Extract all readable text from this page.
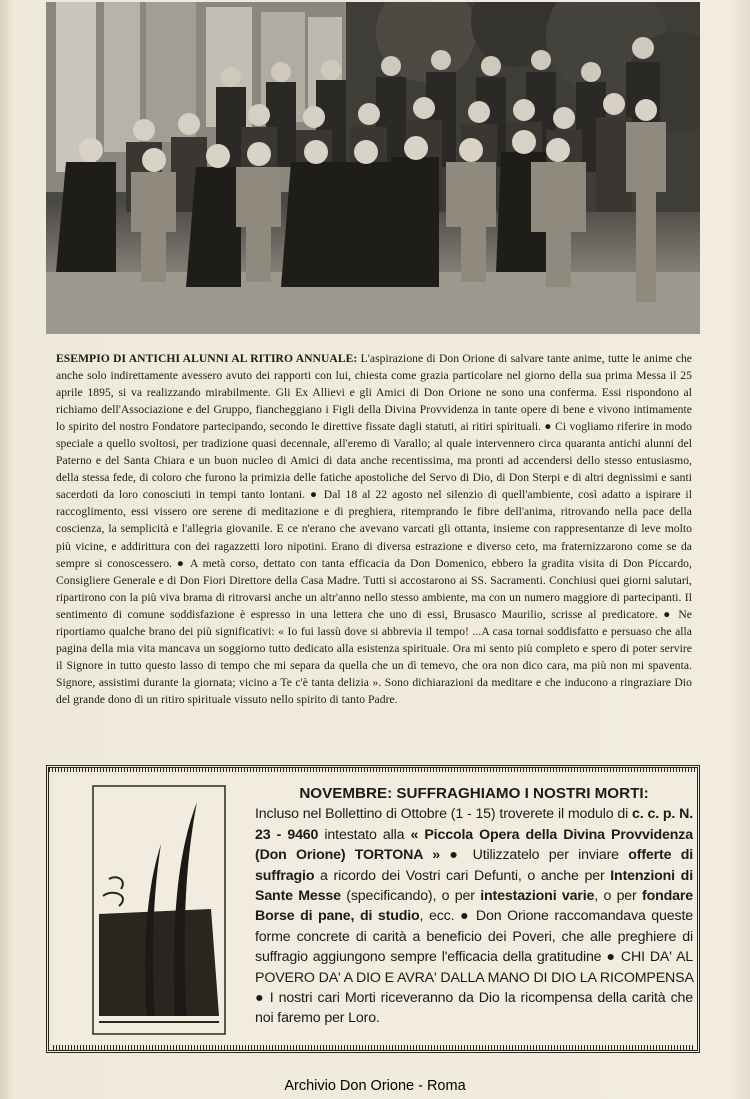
ESEMPIO DI ANTICHI ALUNNI AL RITIRO ANNUALE: L'aspirazione di Don Orione di salvare tante anime, tutte le anime che anche solo indirettamente avessero avuto dei rapporti con lui, chiesta come grazia particolare nel giorno della sua prima Messa il 25 aprile 1895, si va realizzando mirabilmente. Gli Ex Allievi e gli Amici di Don Orione ne sono una conferma. Essi rispondono al richiamo dell'Associazione e del Gruppo, fiancheggiano i Figli della Divina Provvidenza in tante opere di bene e vivono intimamente lo spirito del nostro Fondatore partecipando, secondo le direttive fissate dagli statuti, ai ritiri spirituali. ● Ci vogliamo riferire in modo speciale a quello svoltosi, per tradizione quasi decennale, all'eremo di Varallo; al quale intervennero circa quaranta antichi alunni del Paterno e del Santa Chiara e un buon nucleo di Amici di data anche recentissima, ma pronti ad accendersi dello stesso entusiasmo, della stessa fede, di coloro che furono la primizia delle fatiche apostoliche del Servo di Dio, di Don Sterpi e di altri degnissimi e santi sacerdoti da loro conosciuti in tempi tanto lontani. ● Dal 18 al 22 agosto nel silenzio di quell'ambiente, così adatto a ispirare il raccoglimento, essi vissero ore serene di meditazione e di preghiera, ritemprando le fibre dell'anima, ritrovando nella pace della coscienza, la semplicità e l'allegria giovanile. E ce n'erano che avevano varcati gli ottanta, insieme con rappresentanze di leve molto più vicine, e addirittura con dei ragazzetti loro nipotini. Erano di diversa estrazione e diverso ceto, ma fraternizzarono come se da sempre si conoscessero. ● A metà corso, dettato con tanta efficacia da Don Domenico, ebbero la gradita visita di Don Piccardo, Consigliere Generale e di Don Fiori Direttore della Casa Madre. Tutti si accostarono ai SS. Sacramenti. Conchiusi quei giorni salutari, ripartirono con la più viva brama di ritrovarsi anche un altr'anno nello stesso ambiente, ma con un numero maggiore di partecipanti. Il sentimento di comune soddisfazione è espresso in una lettera che uno di essi, Brusasco Maurilio, scrisse al predicatore. ● Ne riportiamo qualche brano dei più significativi: « Io fui lassù dove si abbrevia il tempo! ...A casa tornai soddisfatto e persuaso che alla pagina della mia vita mancava un soggiorno tutto dedicato alla esistenza spirituale. Ora mi sento più completo e spero di poter servire il Signore in tutto questo lasso di tempo che mi separa da quella che un dì temevo, che ora non dico cara, ma più non mi spaventa. Signore, assistimi durante la giornata; vicino a Te c'è tanta delizia ». Sono dichiarazioni da meditare e che inducono a ringraziare Dio del grande dono di un ritiro spirituale vissuto nello spirito di tanto Padre.
NOVEMBRE: SUFFRAGHIAMO I NOSTRI MORTI:
Incluso nel Bollettino di Ottobre (1 - 15) troverete il modulo di c. c. p. N. 23 - 9460 intestato alla « Piccola Opera della Divina Provvidenza (Don Orione) TORTONA » ● Utilizzatelo per inviare offerte di suffragio a ricordo dei Vostri cari Defunti, o anche per Intenzioni di Sante Messe (specificando), o per intestazioni varie, o per fondare Borse di pane, di studio, ecc. ● Don Orione raccomandava queste forme concrete di carità a beneficio dei Poveri, che alle preghiere di suffragio aggiungono sempre l'efficacia della gratitudine ● CHI DA' AL POVERO DA' A DIO E AVRA' DALLA MANO DI DIO LA RICOMPENSA ● I nostri cari Morti riceveranno da Dio la ricompensa della carità che noi faremo per Loro.
Archivio Don Orione - Roma
